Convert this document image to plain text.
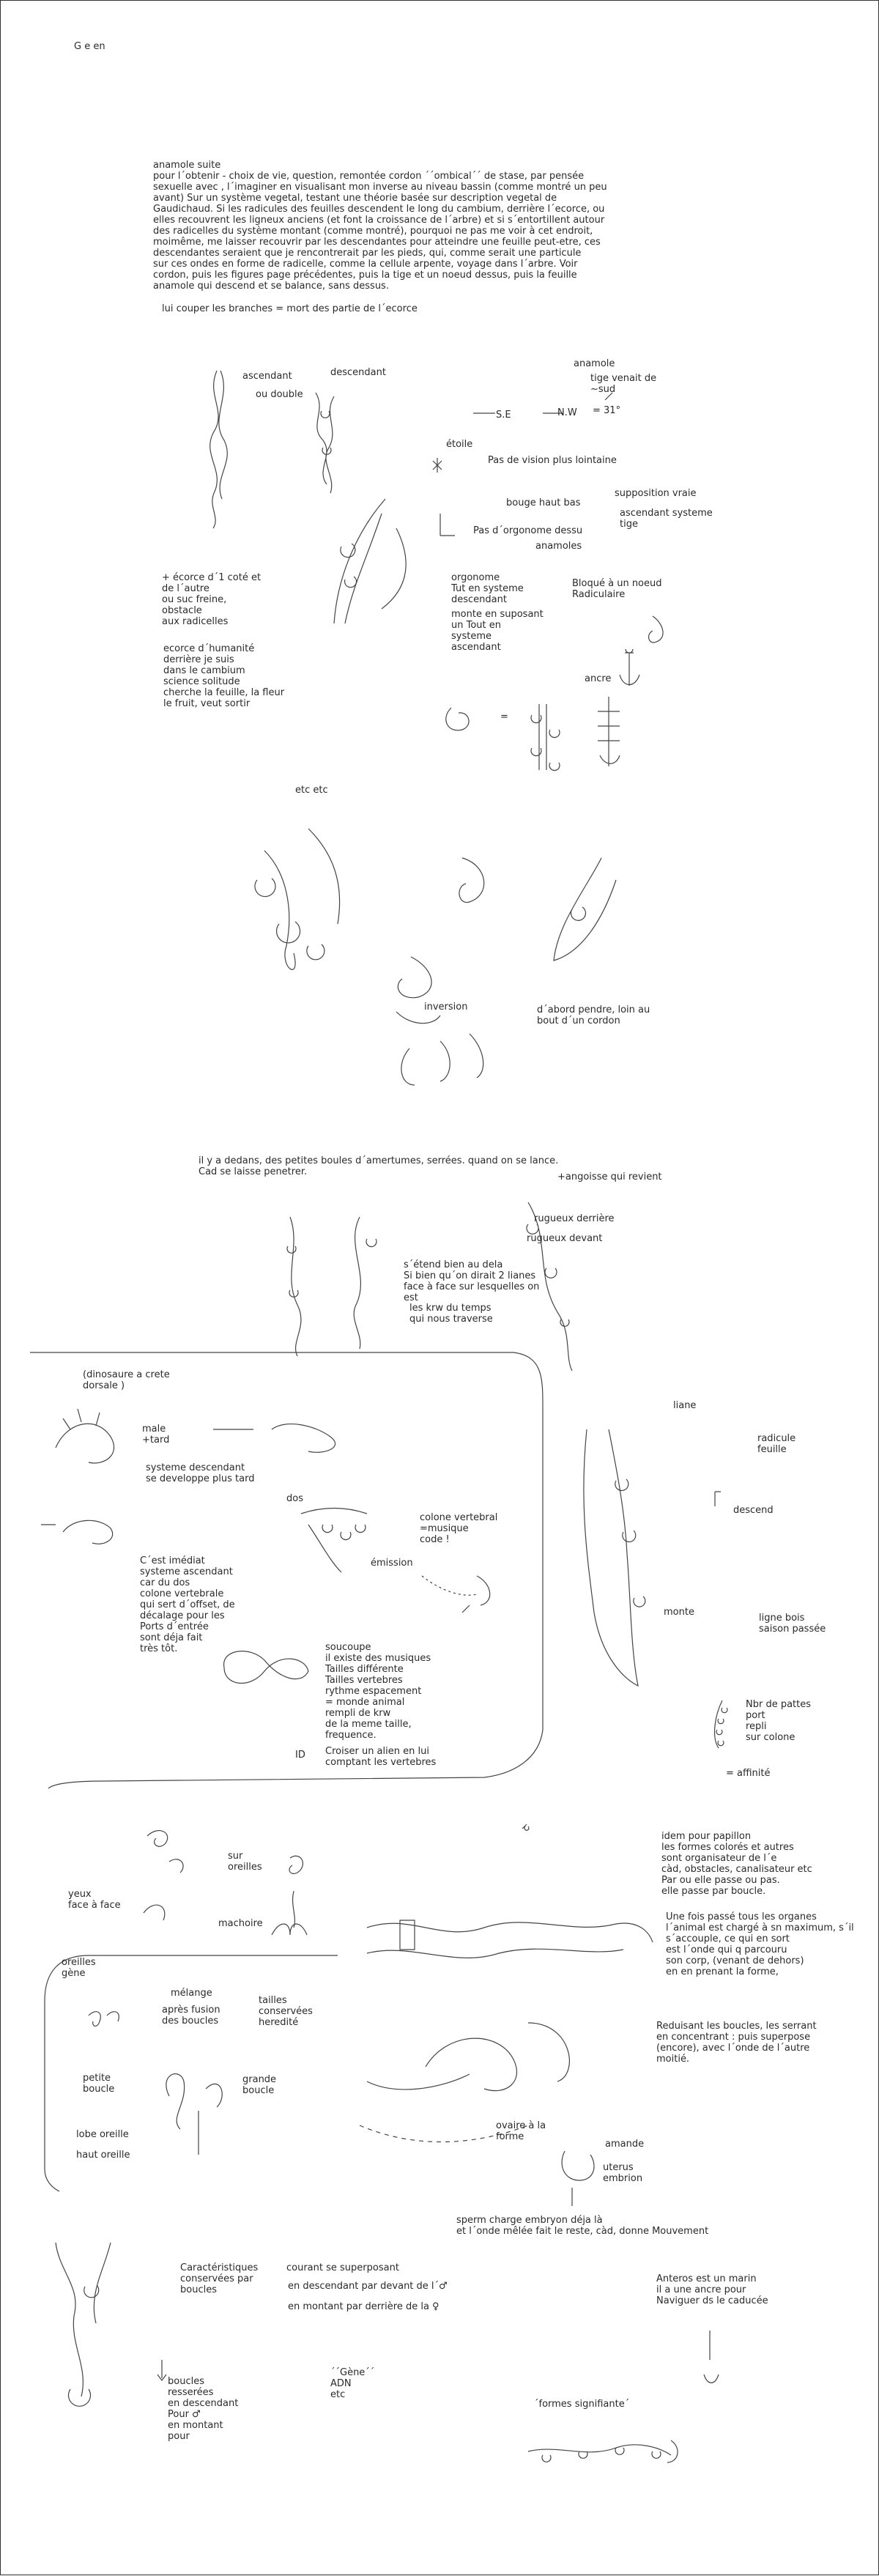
G e en
anamole suite
pour l´obtenir - choix de vie, question, remontée cordon ´´ombical´´ de stase, par pensée
sexuelle avec , l´imaginer en visualisant mon inverse au niveau bassin (comme montré un peu
avant) Sur un système vegetal, testant une théorie basée sur description vegetal de
Gaudichaud. Si les radicules des feuilles descendent le long du cambium, derrière l´ecorce, ou
elles recouvrent les ligneux anciens (et font la croissance de l´arbre) et si s´entortillent autour
des radicelles du système montant (comme montré), pourquoi ne pas me voir à cet endroit,
moimême, me laisser recouvrir par les descendantes pour atteindre une feuille peut-etre, ces
descendantes seraient que je rencontrerait par les pieds, qui, comme serait une particule
sur ces ondes en forme de radicelle, comme la cellule arpente, voyage dans l´arbre. Voir
cordon, puis les figures page précédentes, puis la tige et un noeud dessus, puis la feuille
anamole qui descend et se balance, sans dessus.
lui couper les branches = mort des partie de l´ecorce
ascendant
ou double
descendant
anamole
tige venait de
~sud
S.E	N.W = 31°
étoile
Pas de vision plus lointaine
bouge haut bas
supposition vraie
ascendant systeme
tige
Pas d´orgonome dessu
anamoles
+ écorce d´1 coté et
de l´autre
ou suc freine,
obstacle
aux radicelles
orgonome
Tut en systeme
descendant
monte en suposant
un Tout en
systeme
ascendant
Bloqué à un noeud
Radiculaire
ecorce d´humanité
derrière je suis
dans le cambium
science solitude
cherche la feuille, la fleur
le fruit, veut sortir
ancre
=
etc etc
inversion	d´abord pendre, loin au
bout d´un cordon
il y a dedans, des petites boules d´amertumes, serrées. quand on se lance.
Cad se laisse penetrer.	+angoisse qui revient
rugueux derrière
rugueux devant
s´étend bien au dela
Si bien qu´on dirait 2 lianes
face à face sur lesquelles on
est
les krw du temps
qui nous traverse
(dinosaure a crete
dorsale )
male
+tard
systeme descendant
se developpe plus tard
dos
colone vertebral
=musique
code !
émission
C´est imédiat
systeme ascendant
car du dos
colone vertebrale
qui sert d´offset, de
décalage pour les
Ports d´entrée
sont déja fait
très tôt.	soucoupe
il existe des musiques
Tailles différente
Tailles vertebres
rythme espacement
= monde animal
rempli de krw
de la meme taille,
frequence.
ID Croiser un alien en lui
comptant les vertebres
liane
radicule
feuille
descend
monte
ligne bois
saison passée
Nbr de pattes
port
repli
sur colone
= affinité
idem pour papillon
les formes colorés et autres
sont organisateur de l´e
càd, obstacles, canalisateur etc
Par ou elle passe ou pas.
elle passe par boucle.
sur
oreilles
yeux
face à face
machoire
Une fois passé tous les organes
l´animal est chargé à sn maximum, s´il
s´accouple, ce qui en sort
est l´onde qui q parcouru
son corp, (venant de dehors)
en en prenant la forme,
oreilles
gène
mélange
après fusion
des boucles
tailles
conservées
heredité	Reduisant les boucles, les serrant
en concentrant : puis superpose
(encore), avec l´onde de l´autre
moitié.
petite
boucle
grande
boucle
lobe oreille
haut oreille
ovaire à la
forme
amande
uterus
embrion
sperm charge embryon déja là
et l´onde mêlée fait le reste, càd, donne Mouvement
Caractéristiques
conservées par
boucles
courant se superposant
en descendant par devant de l´♂
en montant par derrière de la ♀
Anteros est un marin
il a une ancre pour
Naviguer ds le caducée
boucles
resserées
en descendant
Pour ♂
en montant
pour
´´Gène´´
ADN
etc
´formes signifiante´
